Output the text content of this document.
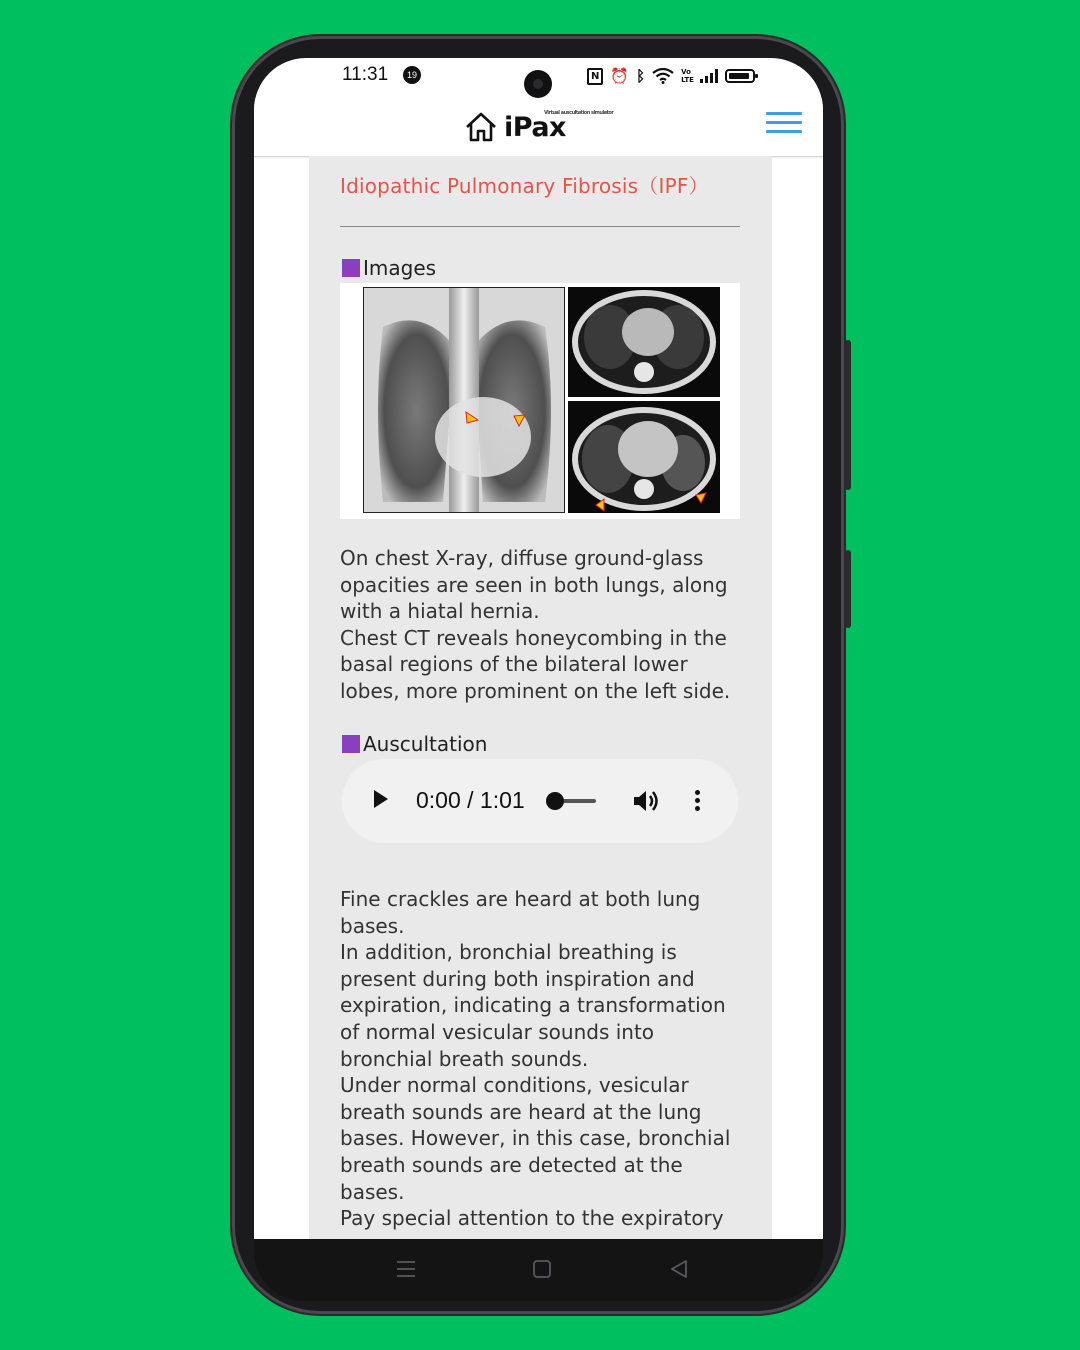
11:31	19	N ⏰ ᛒ	Vo LTE
Virtual auscultation simulator
iPax
Idiopathic Pulmonary Fibrosis（IPF）
Images

On chest X-ray, diffuse ground-glass opacities are seen in both lungs, along with a hiatal hernia.

Chest CT reveals honeycombing in the basal regions of the bilateral lower lobes, more prominent on the left side.

Auscultation
0:00 / 1:01

Fine crackles are heard at both lung bases.

In addition, bronchial breathing is present during both inspiration and expiration, indicating a transformation of normal vesicular sounds into bronchial breath sounds.

Under normal conditions, vesicular breath sounds are heard at the lung bases. However, in this case, bronchial breath sounds are detected at the bases.

Pay special attention to the expiratory
